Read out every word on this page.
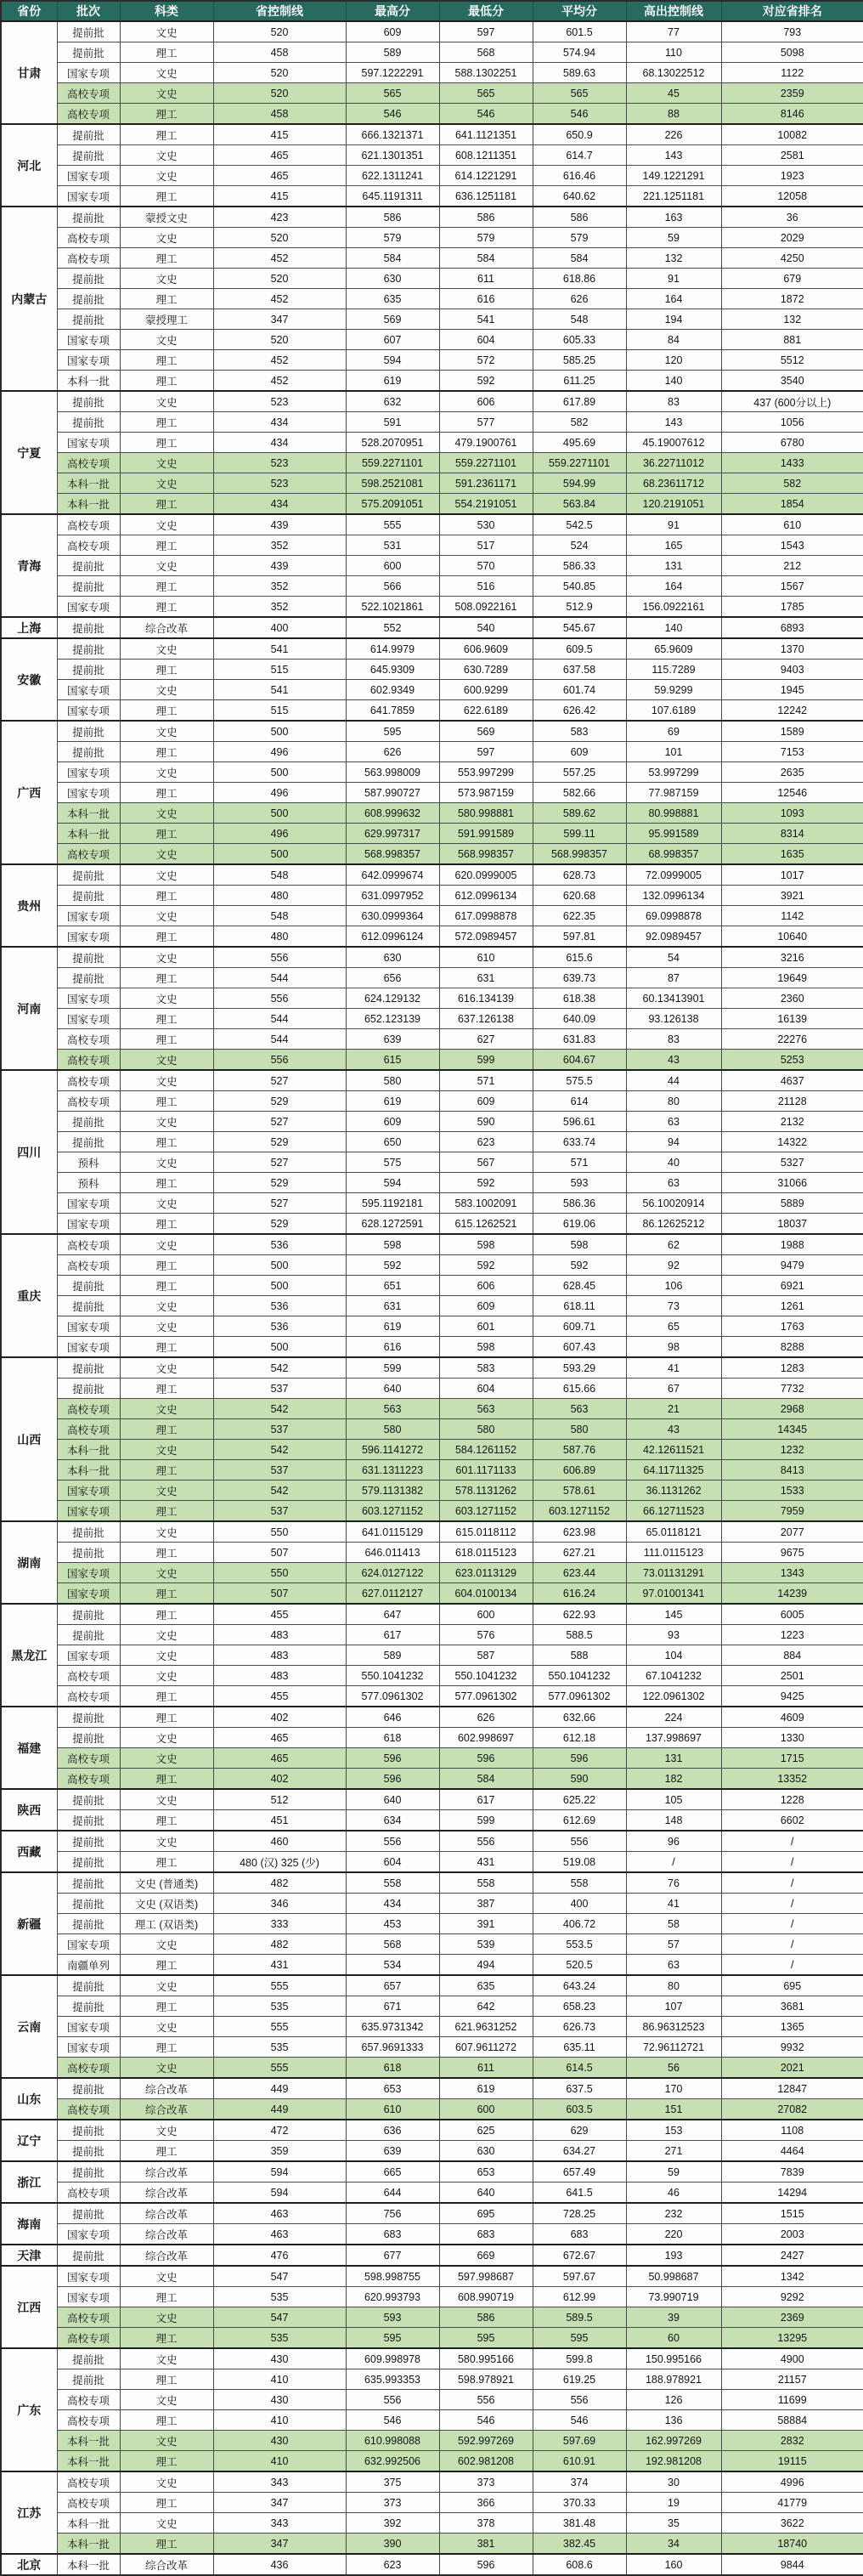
省份	批次	科类	省控制线	最高分	最低分	平均分	高出控制线	对应省排名
甘肃	提前批	文史	520	609	597	601.5	77	793
	提前批	理工	458	589	568	574.94	110	5098
	国家专项	文史	520	597.1222291	588.1302251	589.63	68.13022512	1122
	高校专项	文史	520	565	565	565	45	2359
	高校专项	理工	458	546	546	546	88	8146
河北	提前批	理工	415	666.1321371	641.1121351	650.9	226	10082
	提前批	文史	465	621.1301351	608.1211351	614.7	143	2581
	国家专项	文史	465	622.1311241	614.1221291	616.46	149.1221291	1923
	国家专项	理工	415	645.1191311	636.1251181	640.62	221.1251181	12058
内蒙古	提前批	蒙授文史	423	586	586	586	163	36
	高校专项	文史	520	579	579	579	59	2029
	高校专项	理工	452	584	584	584	132	4250
	提前批	文史	520	630	611	618.86	91	679
	提前批	理工	452	635	616	626	164	1872
	提前批	蒙授理工	347	569	541	548	194	132
	国家专项	文史	520	607	604	605.33	84	881
	国家专项	理工	452	594	572	585.25	120	5512
	本科一批	理工	452	619	592	611.25	140	3540
宁夏	提前批	文史	523	632	606	617.89	83	437 (600分以上)
	提前批	理工	434	591	577	582	143	1056
	国家专项	理工	434	528.2070951	479.1900761	495.69	45.19007612	6780
	高校专项	文史	523	559.2271101	559.2271101	559.2271101	36.22711012	1433
	本科一批	文史	523	598.2521081	591.2361171	594.99	68.23611712	582
	本科一批	理工	434	575.2091051	554.2191051	563.84	120.2191051	1854
青海	高校专项	文史	439	555	530	542.5	91	610
	高校专项	理工	352	531	517	524	165	1543
	提前批	文史	439	600	570	586.33	131	212
	提前批	理工	352	566	516	540.85	164	1567
	国家专项	理工	352	522.1021861	508.0922161	512.9	156.0922161	1785
上海	提前批	综合改革	400	552	540	545.67	140	6893
安徽	提前批	文史	541	614.9979	606.9609	609.5	65.9609	1370
	提前批	理工	515	645.9309	630.7289	637.58	115.7289	9403
	国家专项	文史	541	602.9349	600.9299	601.74	59.9299	1945
	国家专项	理工	515	641.7859	622.6189	626.42	107.6189	12242
广西	提前批	文史	500	595	569	583	69	1589
	提前批	理工	496	626	597	609	101	7153
	国家专项	文史	500	563.998009	553.997299	557.25	53.997299	2635
	国家专项	理工	496	587.990727	573.987159	582.66	77.987159	12546
	本科一批	文史	500	608.999632	580.998881	589.62	80.998881	1093
	本科一批	理工	496	629.997317	591.991589	599.11	95.991589	8314
	高校专项	文史	500	568.998357	568.998357	568.998357	68.998357	1635
贵州	提前批	文史	548	642.0999674	620.0999005	628.73	72.0999005	1017
	提前批	理工	480	631.0997952	612.0996134	620.68	132.0996134	3921
	国家专项	文史	548	630.0999364	617.0998878	622.35	69.0998878	1142
	国家专项	理工	480	612.0996124	572.0989457	597.81	92.0989457	10640
河南	提前批	文史	556	630	610	615.6	54	3216
	提前批	理工	544	656	631	639.73	87	19649
	国家专项	文史	556	624.129132	616.134139	618.38	60.13413901	2360
	国家专项	理工	544	652.123139	637.126138	640.09	93.126138	16139
	高校专项	理工	544	639	627	631.83	83	22276
	高校专项	文史	556	615	599	604.67	43	5253
四川	高校专项	文史	527	580	571	575.5	44	4637
	高校专项	理工	529	619	609	614	80	21128
	提前批	文史	527	609	590	596.61	63	2132
	提前批	理工	529	650	623	633.74	94	14322
	预科	文史	527	575	567	571	40	5327
	预科	理工	529	594	592	593	63	31066
	国家专项	文史	527	595.1192181	583.1002091	586.36	56.10020914	5889
	国家专项	理工	529	628.1272591	615.1262521	619.06	86.12625212	18037
重庆	高校专项	文史	536	598	598	598	62	1988
	高校专项	理工	500	592	592	592	92	9479
	提前批	理工	500	651	606	628.45	106	6921
	提前批	文史	536	631	609	618.11	73	1261
	国家专项	文史	536	619	601	609.71	65	1763
	国家专项	理工	500	616	598	607.43	98	8288
山西	提前批	文史	542	599	583	593.29	41	1283
	提前批	理工	537	640	604	615.66	67	7732
	高校专项	文史	542	563	563	563	21	2968
	高校专项	理工	537	580	580	580	43	14345
	本科一批	文史	542	596.1141272	584.1261152	587.76	42.12611521	1232
	本科一批	理工	537	631.1311223	601.1171133	606.89	64.11711325	8413
	国家专项	文史	542	579.1131382	578.1131262	578.61	36.1131262	1533
	国家专项	理工	537	603.1271152	603.1271152	603.1271152	66.12711523	7959
湖南	提前批	文史	550	641.0115129	615.0118112	623.98	65.0118121	2077
	提前批	理工	507	646.011413	618.0115123	627.21	111.0115123	9675
	国家专项	文史	550	624.0127122	623.0113129	623.44	73.01131291	1343
	国家专项	理工	507	627.0112127	604.0100134	616.24	97.01001341	14239
黑龙江	提前批	理工	455	647	600	622.93	145	6005
	提前批	文史	483	617	576	588.5	93	1223
	国家专项	文史	483	589	587	588	104	884
	高校专项	文史	483	550.1041232	550.1041232	550.1041232	67.1041232	2501
	高校专项	理工	455	577.0961302	577.0961302	577.0961302	122.0961302	9425
福建	提前批	理工	402	646	626	632.66	224	4609
	提前批	文史	465	618	602.998697	612.18	137.998697	1330
	高校专项	文史	465	596	596	596	131	1715
	高校专项	理工	402	596	584	590	182	13352
陕西	提前批	文史	512	640	617	625.22	105	1228
	提前批	理工	451	634	599	612.69	148	6602
西藏	提前批	文史	460	556	556	556	96	/
	提前批	理工	480 (汉) 325 (少)	604	431	519.08	/	/
新疆	提前批	文史 (普通类)	482	558	558	558	76	/
	提前批	文史 (双语类)	346	434	387	400	41	/
	提前批	理工 (双语类)	333	453	391	406.72	58	/
	国家专项	文史	482	568	539	553.5	57	/
	南疆单列	理工	431	534	494	520.5	63	/
云南	提前批	文史	555	657	635	643.24	80	695
	提前批	理工	535	671	642	658.23	107	3681
	国家专项	文史	555	635.9731342	621.9631252	626.73	86.96312523	1365
	国家专项	理工	535	657.9691333	607.9611272	635.11	72.96112721	9932
	高校专项	文史	555	618	611	614.5	56	2021
山东	提前批	综合改革	449	653	619	637.5	170	12847
	高校专项	综合改革	449	610	600	603.5	151	27082
辽宁	提前批	文史	472	636	625	629	153	1108
	提前批	理工	359	639	630	634.27	271	4464
浙江	提前批	综合改革	594	665	653	657.49	59	7839
	高校专项	综合改革	594	644	640	641.5	46	14294
海南	提前批	综合改革	463	756	695	728.25	232	1515
	国家专项	综合改革	463	683	683	683	220	2003
天津	提前批	综合改革	476	677	669	672.67	193	2427
江西	国家专项	文史	547	598.998755	597.998687	597.67	50.998687	1342
	国家专项	理工	535	620.993793	608.990719	612.99	73.990719	9292
	高校专项	文史	547	593	586	589.5	39	2369
	高校专项	理工	535	595	595	595	60	13295
广东	提前批	文史	430	609.998978	580.995166	599.8	150.995166	4900
	提前批	理工	410	635.993353	598.978921	619.25	188.978921	21157
	高校专项	文史	430	556	556	556	126	11699
	高校专项	理工	410	546	546	546	136	58884
	本科一批	文史	430	610.998088	592.997269	597.69	162.997269	2832
	本科一批	理工	410	632.992506	602.981208	610.91	192.981208	19115
江苏	高校专项	文史	343	375	373	374	30	4996
	高校专项	理工	347	373	366	370.33	19	41779
	本科一批	文史	343	392	378	381.48	35	3622
	本科一批	理工	347	390	381	382.45	34	18740
北京	本科一批	综合改革	436	623	596	608.6	160	9844
